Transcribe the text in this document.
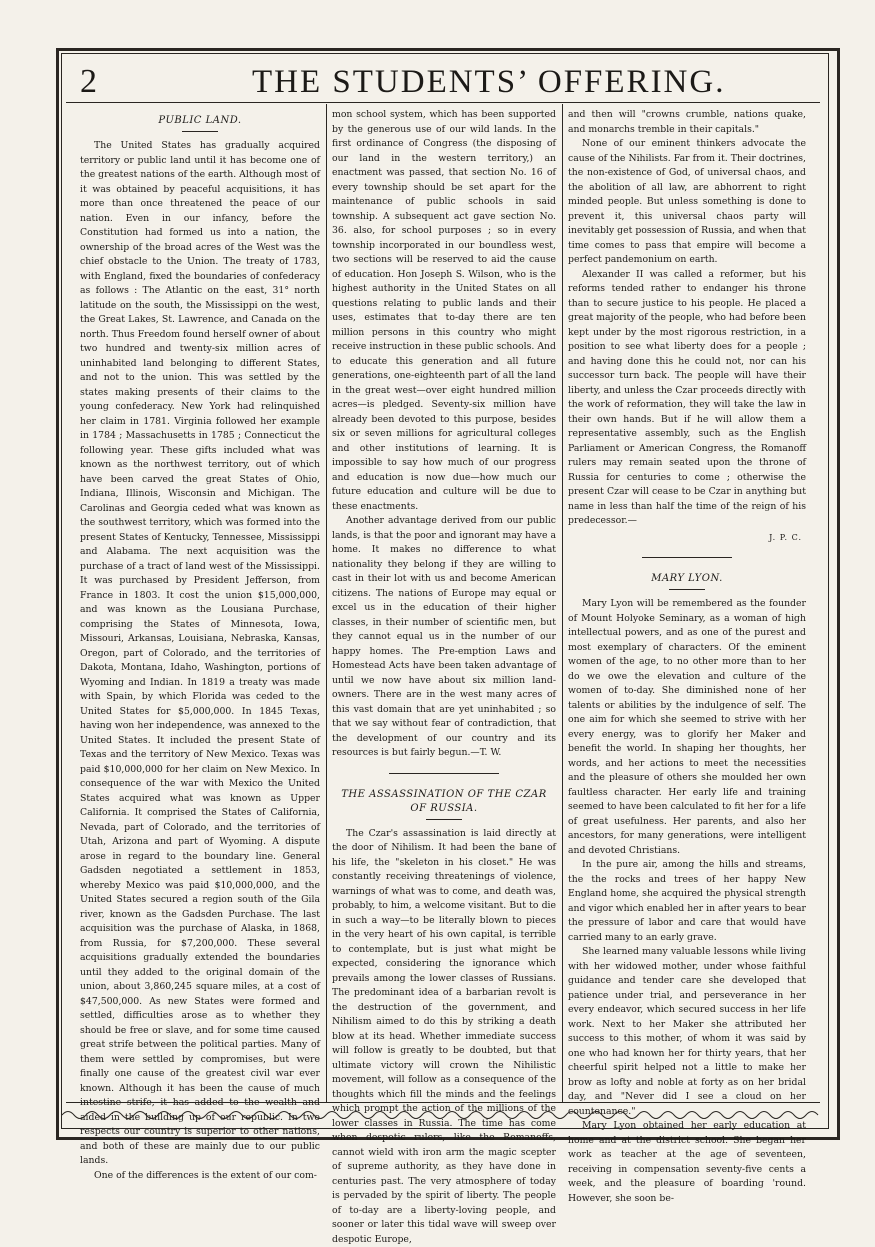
2	THE STUDENTS’ OFFERING.
PUBLIC LAND.

The United States has gradually acquired territory or public land until it has become one of the greatest nations of the earth. Although most of it was obtained by peaceful acquisitions, it has more than once threatened the peace of our nation. Even in our infancy, before the Constitution had formed us into a nation, the ownership of the broad acres of the West was the chief obstacle to the Union. The treaty of 1783, with England, fixed the boundaries of confederacy as follows : The Atlantic on the east, 31° north latitude on the south, the Mississippi on the west, the Great Lakes, St. Lawrence, and Canada on the north. Thus Freedom found herself owner of about two hundred and twenty-six million acres of uninhabited land belonging to different States, and not to the union. This was settled by the states making presents of their claims to the young confederacy. New York had relinquished her claim in 1781. Virginia followed her example in 1784 ; Massachusetts in 1785 ; Connecticut the following year. These gifts included what was known as the northwest territory, out of which have been carved the great States of Ohio, Indiana, Illinois, Wisconsin and Michigan. The Carolinas and Georgia ceded what was known as the southwest territory, which was formed into the present States of Kentucky, Tennessee, Mississippi and Alabama. The next acquisition was the purchase of a tract of land west of the Mississippi. It was purchased by President Jefferson, from France in 1803. It cost the union $15,000,000, and was known as the Lousiana Purchase, comprising the States of Minnesota, Iowa, Missouri, Arkansas, Louisiana, Nebraska, Kansas, Oregon, part of Colorado, and the territories of Dakota, Montana, Idaho, Washington, portions of Wyoming and Indian. In 1819 a treaty was made with Spain, by which Florida was ceded to the United States for $5,000,000. In 1845 Texas, having won her independence, was annexed to the United States. It included the present State of Texas and the territory of New Mexico. Texas was paid $10,000,000 for her claim on New Mexico. In consequence of the war with Mexico the United States acquired what was known as Upper California. It comprised the States of California, Nevada, part of Colorado, and the territories of Utah, Arizona and part of Wyoming. A dispute arose in regard to the boundary line. General Gadsden negotiated a settlement in 1853, whereby Mexico was paid $10,000,000, and the United States secured a region south of the Gila river, known as the Gadsden Purchase. The last acquisition was the purchase of Alaska, in 1868, from Russia, for $7,200,000. These several acquisitions gradually extended the boundaries until they added to the original domain of the union, about 3,860,245 square miles, at a cost of $47,500,000. As new States were formed and settled, difficulties arose as to whether they should be free or slave, and for some time caused great strife between the political parties. Many of them were settled by compromises, but were finally one cause of the greatest civil war ever known. Although it has been the cause of much intestine strife, it has added to the wealth and aided in the building up of our republic. In two respects our country is superior to other nations, and both of these are mainly due to our public lands.

One of the differences is the extent of our com-

mon school system, which has been supported by the generous use of our wild lands. In the first ordinance of Congress (the disposing of our land in the western territory,) an enactment was passed, that section No. 16 of every township should be set apart for the maintenance of public schools in said township. A subsequent act gave section No. 36. also, for school purposes ; so in every township incorporated in our boundless west, two sections will be reserved to aid the cause of education. Hon Joseph S. Wilson, who is the highest authority in the United States on all questions relating to public lands and their uses, estimates that to-day there are ten million persons in this country who might receive instruction in these public schools. And to educate this generation and all future generations, one-eighteenth part of all the land in the great west—over eight hundred million acres—is pledged. Seventy-six million have already been devoted to this purpose, besides six or seven millions for agricultural colleges and other institutions of learning. It is impossible to say how much of our progress and education is now due—how much our future education and culture will be due to these enactments.

Another advantage derived from our public lands, is that the poor and ignorant may have a home. It makes no difference to what nationality they belong if they are willing to cast in their lot with us and become American citizens. The nations of Europe may equal or excel us in the education of their higher classes, in their number of scientific men, but they cannot equal us in the number of our happy homes. The Pre-emption Laws and Homestead Acts have been taken advantage of until we now have about six million land-owners. There are in the west many acres of this vast domain that are yet uninhabited ; so that we say without fear of contradiction, that the development of our country and its resources is but fairly begun.—T. W.

THE ASSASSINATION OF THE CZAR
OF RUSSIA.

The Czar's assassination is laid directly at the door of Nihilism. It had been the bane of his life, the "skeleton in his closet." He was constantly receiving threatenings of violence, warnings of what was to come, and death was, probably, to him, a welcome visitant. But to die in such a way—to be literally blown to pieces in the very heart of his own capital, is terrible to contemplate, but is just what might be expected, considering the ignorance which prevails among the lower classes of Russians. The predominant idea of a barbarian revolt is the destruction of the government, and Nihilism aimed to do this by striking a death blow at its head. Whether immediate success will follow is greatly to be doubted, but that ultimate victory will crown the Nihilistic movement, will follow as a consequence of the thoughts which fill the minds and the feelings which prompt the action of the millions of the lower classes in Russia. The time has come when despotic rulers, like the Romanoffs, cannot wield with iron arm the magic scepter of supreme authority, as they have done in centuries past. The very atmosphere of today is pervaded by the spirit of liberty. The people of to-day are a liberty-loving people, and sooner or later this tidal wave will sweep over despotic Europe,

and then will "crowns crumble, nations quake, and monarchs tremble in their capitals."

None of our eminent thinkers advocate the cause of the Nihilists. Far from it. Their doctrines, the non-existence of God, of universal chaos, and the abolition of all law, are abhorrent to right minded people. But unless something is done to prevent it, this universal chaos party will inevitably get possession of Russia, and when that time comes to pass that empire will become a perfect pandemonium on earth.

Alexander II was called a reformer, but his reforms tended rather to endanger his throne than to secure justice to his people. He placed a great majority of the people, who had before been kept under by the most rigorous restriction, in a position to see what liberty does for a people ; and having done this he could not, nor can his successor turn back. The people will have their liberty, and unless the Czar proceeds directly with the work of reformation, they will take the law in their own hands. But if he will allow them a representative assembly, such as the English Parliament or American Congress, the Romanoff rulers may remain seated upon the throne of Russia for centuries to come ; otherwise the present Czar will cease to be Czar in anything but name in less than half the time of the reign of his predecessor.—

J. P. C.
MARY LYON.

Mary Lyon will be remembered as the founder of Mount Holyoke Seminary, as a woman of high intellectual powers, and as one of the purest and most exemplary of characters. Of the eminent women of the age, to no other more than to her do we owe the elevation and culture of the women of to-day. She diminished none of her talents or abilities by the indulgence of self. The one aim for which she seemed to strive with her every energy, was to glorify her Maker and benefit the world. In shaping her thoughts, her words, and her actions to meet the necessities and the pleasure of others she moulded her own faultless character. Her early life and training seemed to have been calculated to fit her for a life of great usefulness. Her parents, and also her ancestors, for many generations, were intelligent and devoted Christians.

In the pure air, among the hills and streams, the the rocks and trees of her happy New England home, she acquired the physical strength and vigor which enabled her in after years to bear the pressure of labor and care that would have carried many to an early grave.

She learned many valuable lessons while living with her widowed mother, under whose faithful guidance and tender care she developed that patience under trial, and perseverance in her every endeavor, which secured success in her life work. Next to her Maker she attributed her success to this mother, of whom it was said by one who had known her for thirty years, that her cheerful spirit helped not a little to make her brow as lofty and noble at forty as on her bridal day, and "Never did I see a cloud on her countenance."

Mary Lyon obtained her early education at home and at the district school. She began her work as teacher at the age of seventeen, receiving in compensation seventy-five cents a week, and the pleasure of boarding 'round. However, she soon be-
